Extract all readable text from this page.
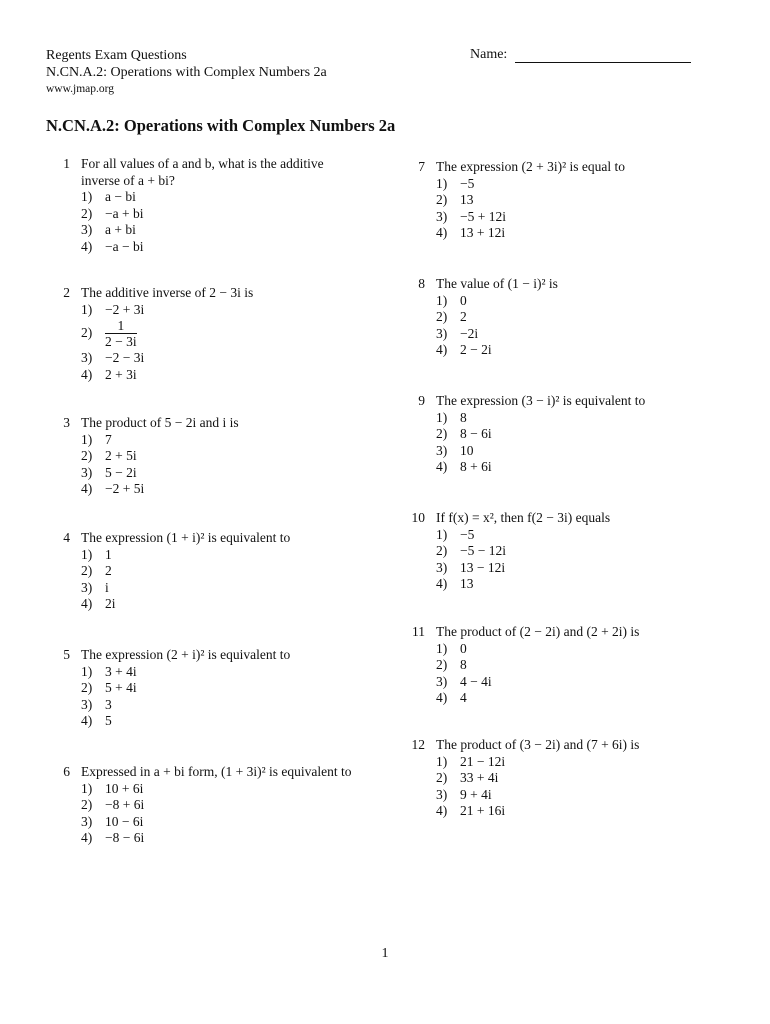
Regents Exam Questions
N.CN.A.2: Operations with Complex Numbers 2a
www.jmap.org
Name:
N.CN.A.2: Operations with Complex Numbers 2a
1 For all values of a and b, what is the additive
inverse of a + bi?
1) a − bi
2) −a + bi
3) a + bi
4) −a − bi
2 The additive inverse of 2 − 3i is
1) −2 + 3i
$2) \frac{1}{2 - 3i}$
3) −2 − 3i
4) 2 + 3i
3 The product of 5 − 2i and i is
1) 7
2) 2 + 5i
3) 5 − 2i
4) −2 + 5i
4 The expression (1 + i)² is equivalent to
1) 1
2) 2
3) i
4) 2i
5 The expression (2 + i)² is equivalent to
1) 3 + 4i
2) 5 + 4i
3) 3
4) 5
6 Expressed in a + bi form, (1 + 3i)² is equivalent to
1) 10 + 6i
2) −8 + 6i
3) 10 − 6i
4) −8 − 6i
7 The expression (2 + 3i)² is equal to
1) −5
2) 13
3) −5 + 12i
4) 13 + 12i
8 The value of (1 − i)² is
1) 0
2) 2
3) −2i
4) 2 − 2i
9 The expression (3 − i)² is equivalent to
1) 8
2) 8 − 6i
3) 10
4) 8 + 6i
10 If f(x) = x², then f(2 − 3i) equals
1) −5
2) −5 − 12i
3) 13 − 12i
4) 13
11 The product of (2 − 2i) and (2 + 2i) is
1) 0
2) 8
3) 4 − 4i
4) 4
12 The product of (3 − 2i) and (7 + 6i) is
1) 21 − 12i
2) 33 + 4i
3) 9 + 4i
4) 21 + 16i
1
